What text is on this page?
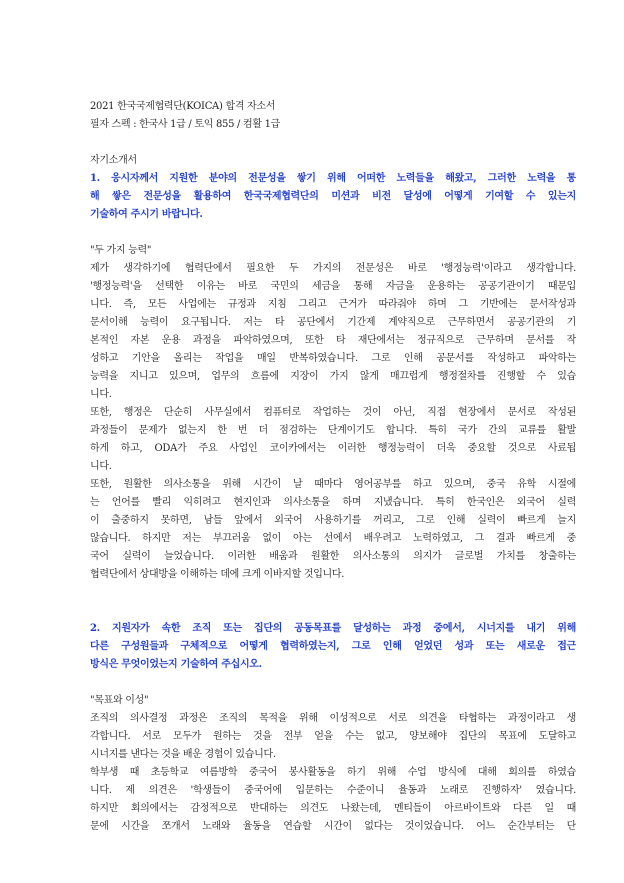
2021 한국국제협력단(KOICA) 합격 자소서
필자 스펙 : 한국사 1급 / 토익 855 / 컴활 1급
자기소개서
1. 응시자께서 지원한 분야의 전문성을 쌓기 위해 어떠한 노력들을 해왔고, 그러한 노력을 통
해 쌓은 전문성을 활용하여 한국국제협력단의 미션과 비전 달성에 어떻게 기여할 수 있는지
기술하여 주시기 바랍니다.
"두 가지 능력"
제가 생각하기에 협력단에서 필요한 두 가지의 전문성은 바로 '행정능력'이라고 생각합니다.
'행정능력'을 선택한 이유는 바로 국민의 세금을 통해 자금을 운용하는 공공기관이기 때문입
니다. 즉, 모든 사업에는 규정과 지침 그리고 근거가 따라줘야 하며 그 기반에는 문서작성과
문서이해 능력이 요구됩니다. 저는 타 공단에서 기간제 계약직으로 근무하면서 공공기관의 기
본적인 자본 운용 과정을 파악하였으며, 또한 타 재단에서는 정규직으로 근무하며 문서를 작
성하고 기안을 올리는 작업을 매일 반복하였습니다. 그로 인해 공문서를 작성하고 파악하는
능력을 지니고 있으며, 업무의 흐름에 지장이 가지 않게 매끄럽게 행정절차를 진행할 수 있습
니다.
또한, 행정은 단순히 사무실에서 컴퓨터로 작업하는 것이 아닌, 직접 현장에서 문서로 작성된
과정들이 문제가 없는지 한 번 더 점검하는 단계이기도 합니다. 특히 국가 간의 교류를 활발
하게 하고, ODA가 주요 사업인 코이카에서는 이러한 행정능력이 더욱 중요할 것으로 사료됩
니다.
또한, 원활한 의사소통을 위해 시간이 날 때마다 영어공부를 하고 있으며, 중국 유학 시절에
는 언어를 빨리 익히려고 현지인과 의사소통을 하며 지냈습니다. 특히 한국인은 외국어 실력
이 출중하지 못하면, 남들 앞에서 외국어 사용하기를 꺼리고, 그로 인해 실력이 빠르게 늘지
않습니다. 하지만 저는 부끄러움 없이 아는 선에서 배우려고 노력하였고, 그 결과 빠르게 중
국어 실력이 늘었습니다. 이러한 배움과 원활한 의사소통의 의지가 글로벌 가치를 창출하는
협력단에서 상대방을 이해하는 데에 크게 이바지할 것입니다.
2. 지원자가 속한 조직 또는 집단의 공동목표를 달성하는 과정 중에서, 시너지를 내기 위해
다른 구성원들과 구체적으로 어떻게 협력하였는지, 그로 인해 얻었던 성과 또는 새로운 접근
방식은 무엇이었는지 기술하여 주십시오.
"목표와 이성"
조직의 의사결정 과정은 조직의 목적을 위해 이성적으로 서로 의견을 타협하는 과정이라고 생
각합니다. 서로 모두가 원하는 것을 전부 얻을 수는 없고, 양보해야 집단의 목표에 도달하고
시너지를 낸다는 것을 배운 경험이 있습니다.
학부생 때 초등학교 여름방학 중국어 봉사활동을 하기 위해 수업 방식에 대해 회의를 하였습
니다. 제 의견은 '학생들이 중국어에 입문하는 수준이니 율동과 노래로 진행하자' 였습니다.
하지만 회의에서는 감정적으로 반대하는 의견도 나왔는데, 멘티들이 아르바이트와 다른 일 때
문에 시간을 쪼개서 노래와 율동을 연습할 시간이 없다는 것이었습니다. 어느 순간부터는 단
